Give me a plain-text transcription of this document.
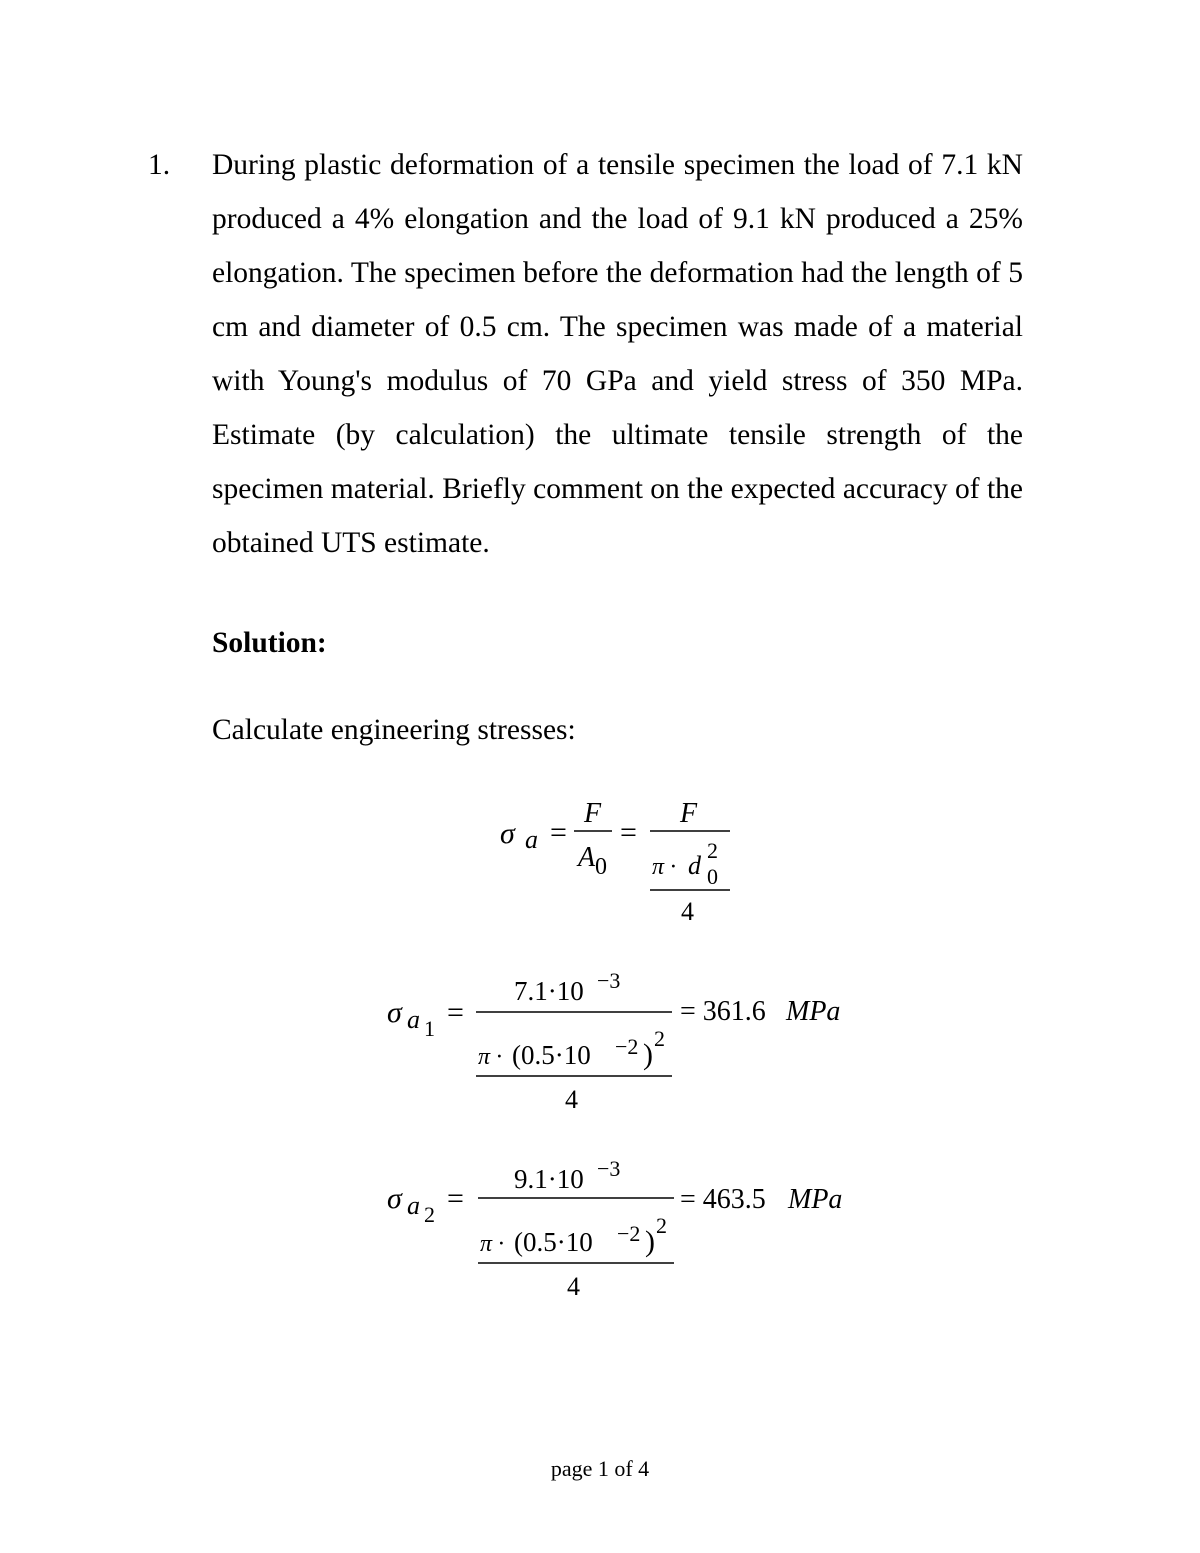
1. During plastic deformation of a tensile specimen the load of 7.1 kN produced a 4% elongation and the load of 9.1 kN produced a 25% elongation. The specimen before the deformation had the length of 5 cm and diameter of 0.5 cm. The specimen was made of a material with Young's modulus of 70 GPa and yield stress of 350 MPa. Estimate (by calculation) the ultimate tensile strength of the specimen material. Briefly comment on the expected accuracy of the obtained UTS estimate.
Solution:
Calculate engineering stresses:
σ a =
F
A 0
=
F
π · d
2
0
4
σ a 1 =
7.1·10 −3
π · (0.5·10 −2 ) 2
4
= 361.6 MPa
σ a 2 =
9.1·10 −3
π · (0.5·10 −2 ) 2
4
= 463.5 MPa
page 1 of 4
